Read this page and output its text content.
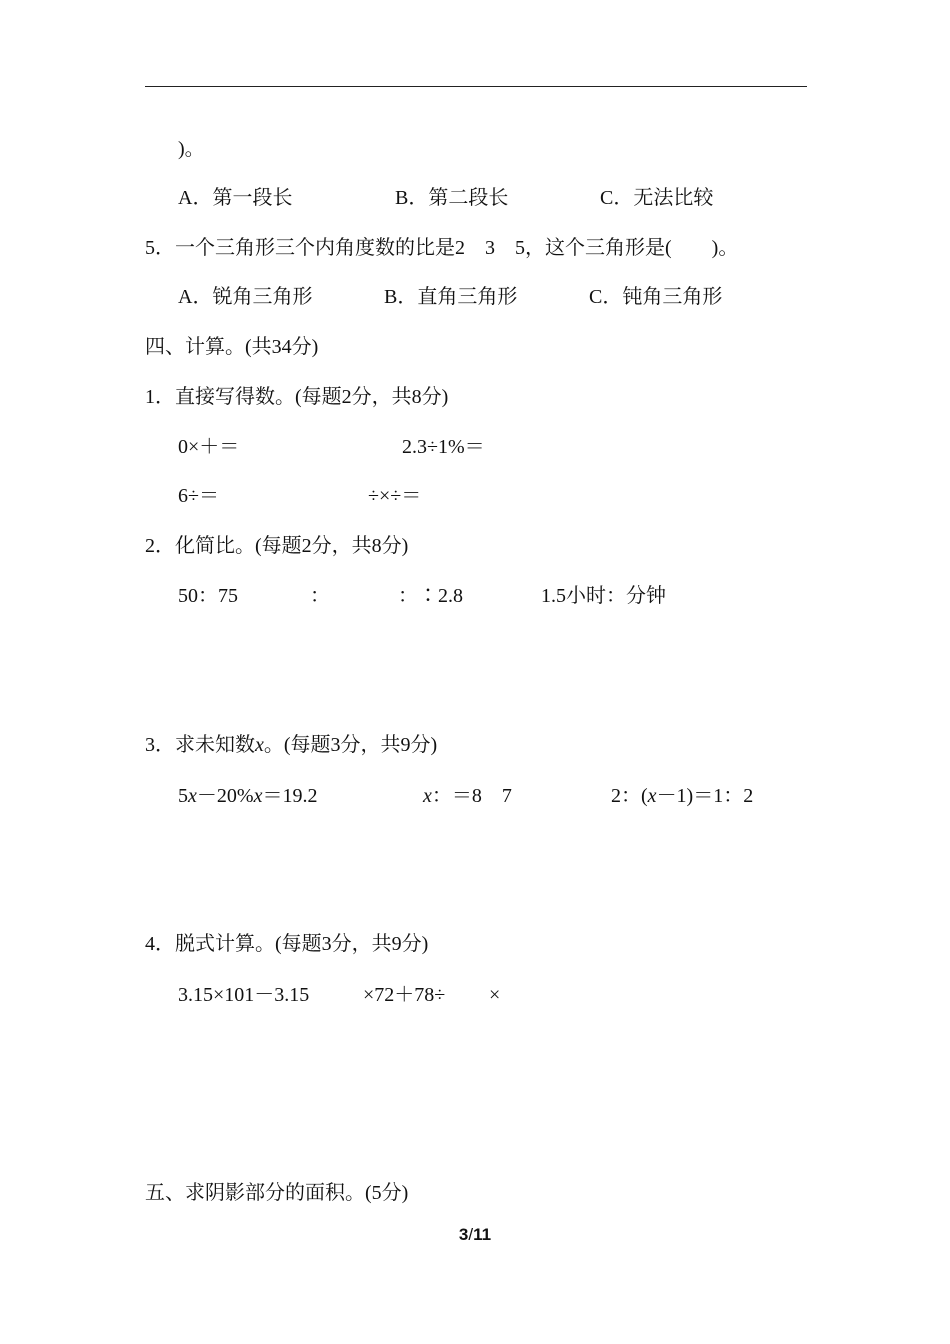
)。
A．第一段长	B．第二段长	C．无法比较
5．一个三角形三个内角度数的比是2　3　5，这个三角形是(　　)。
A．锐角三角形	B．直角三角形	C．钝角三角形
四、计算。(共34分)
1．直接写得数。(每题2分，共8分)
0×＋＝	2.3÷1%＝
6÷＝	÷×÷＝
2．化简比。(每题2分，共8分)
50：75	：	：∶2.8	1.5小时：分钟
3．求未知数x。(每题3分，共9分)
5x－20%x＝19.2	x：＝8　7	2：(x－1)＝1：2
4．脱式计算。(每题3分，共9分)
3.15×101－3.15	×72＋78÷ ×
五、求阴影部分的面积。(5分)
3/11
